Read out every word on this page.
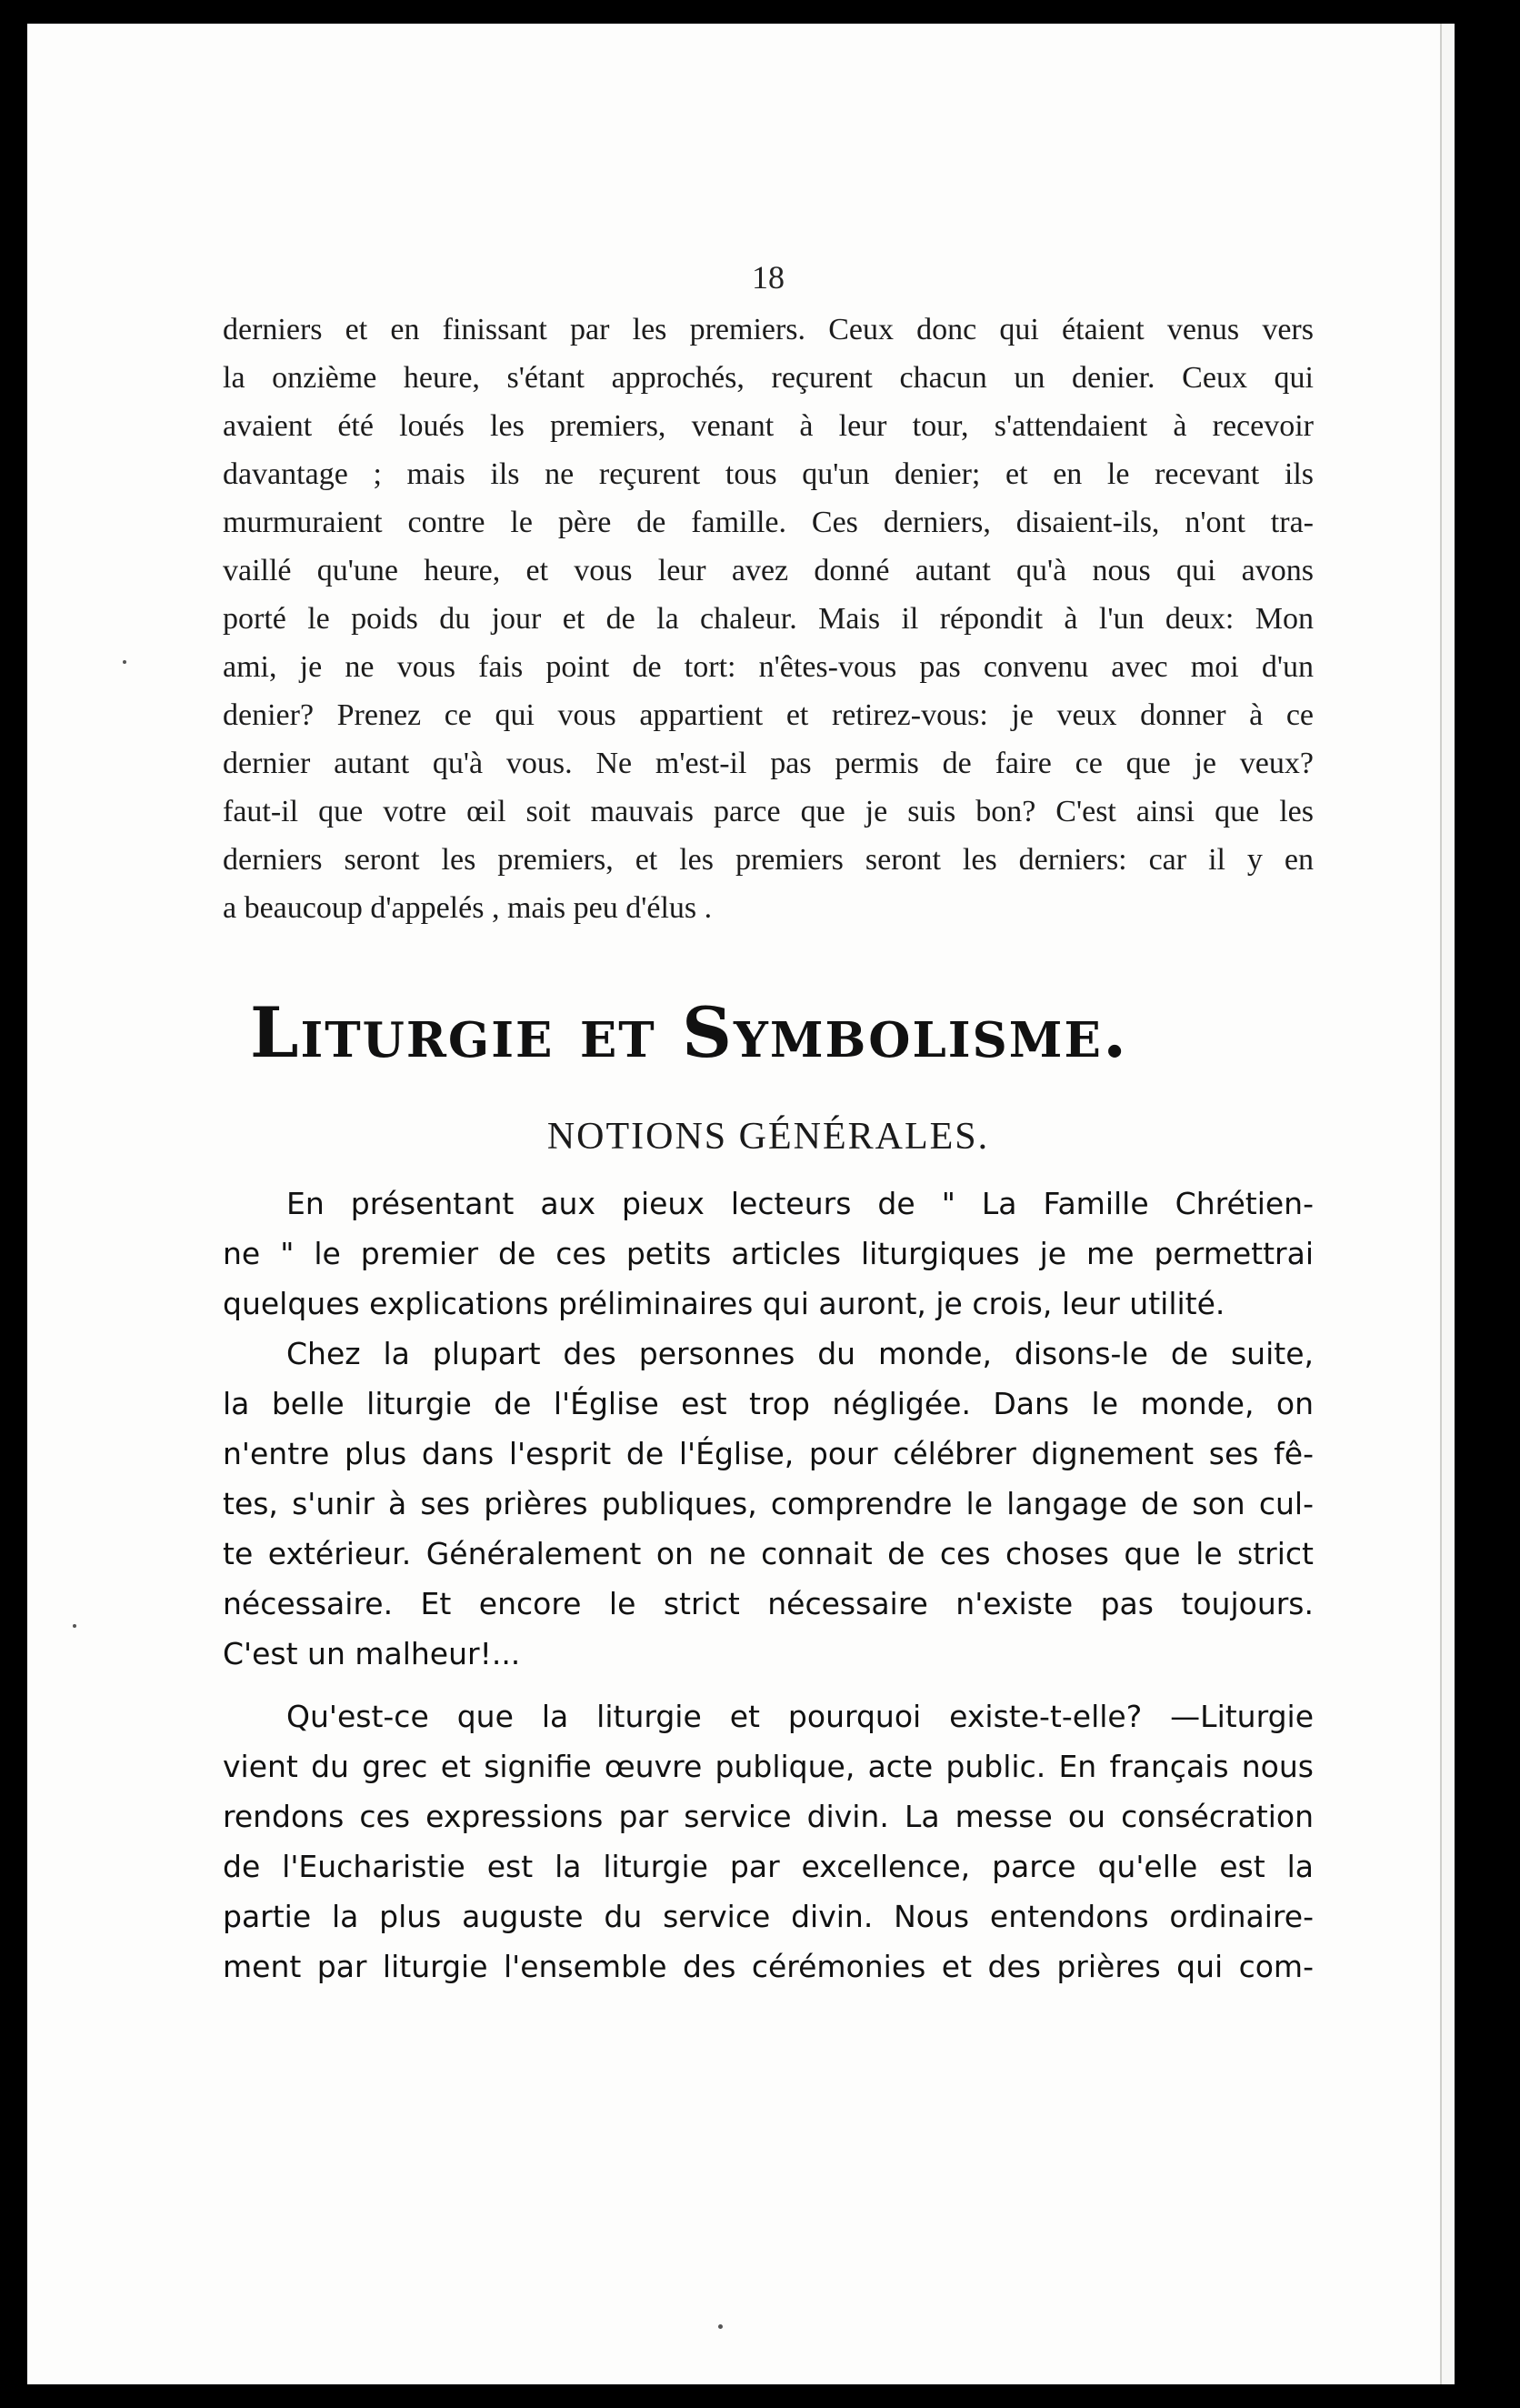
18
derniers et en finissant par les premiers. Ceux donc qui étaient venus vers
la onzième heure, s'étant approchés, reçurent chacun un denier. Ceux qui
avaient été loués les premiers, venant à leur tour, s'attendaient à recevoir
davantage ; mais ils ne reçurent tous qu'un denier; et en le recevant ils
murmuraient contre le père de famille. Ces derniers, disaient-ils, n'ont tra-
vaillé qu'une heure, et vous leur avez donné autant qu'à nous qui avons
porté le poids du jour et de la chaleur. Mais il répondit à l'un deux: Mon
ami, je ne vous fais point de tort: n'êtes-vous pas convenu avec moi d'un
denier? Prenez ce qui vous appartient et retirez-vous: je veux donner à ce
dernier autant qu'à vous. Ne m'est-il pas permis de faire ce que je veux?
faut-il que votre œil soit mauvais parce que je suis bon? C'est ainsi que les
derniers seront les premiers, et les premiers seront les derniers: car il y en
a beaucoup d'appelés , mais peu d'élus .
Liturgie et Symbolisme.
NOTIONS GÉNÉRALES.
En présentant aux pieux lecteurs de " La Famille Chrétien-
ne " le premier de ces petits articles liturgiques je me permettrai
quelques explications préliminaires qui auront, je crois, leur utilité.
Chez la plupart des personnes du monde, disons-le de suite,
la belle liturgie de l'Église est trop négligée. Dans le monde, on
n'entre plus dans l'esprit de l'Église, pour célébrer dignement ses fê-
tes, s'unir à ses prières publiques, comprendre le langage de son cul-
te extérieur. Généralement on ne connait de ces choses que le strict
nécessaire. Et encore le strict nécessaire n'existe pas toujours.
C'est un malheur!...
Qu'est-ce que la liturgie et pourquoi existe-t-elle? —Liturgie
vient du grec et signifie œuvre publique, acte public. En français nous
rendons ces expressions par service divin. La messe ou consécration
de l'Eucharistie est la liturgie par excellence, parce qu'elle est la
partie la plus auguste du service divin. Nous entendons ordinaire-
ment par liturgie l'ensemble des cérémonies et des prières qui com-
